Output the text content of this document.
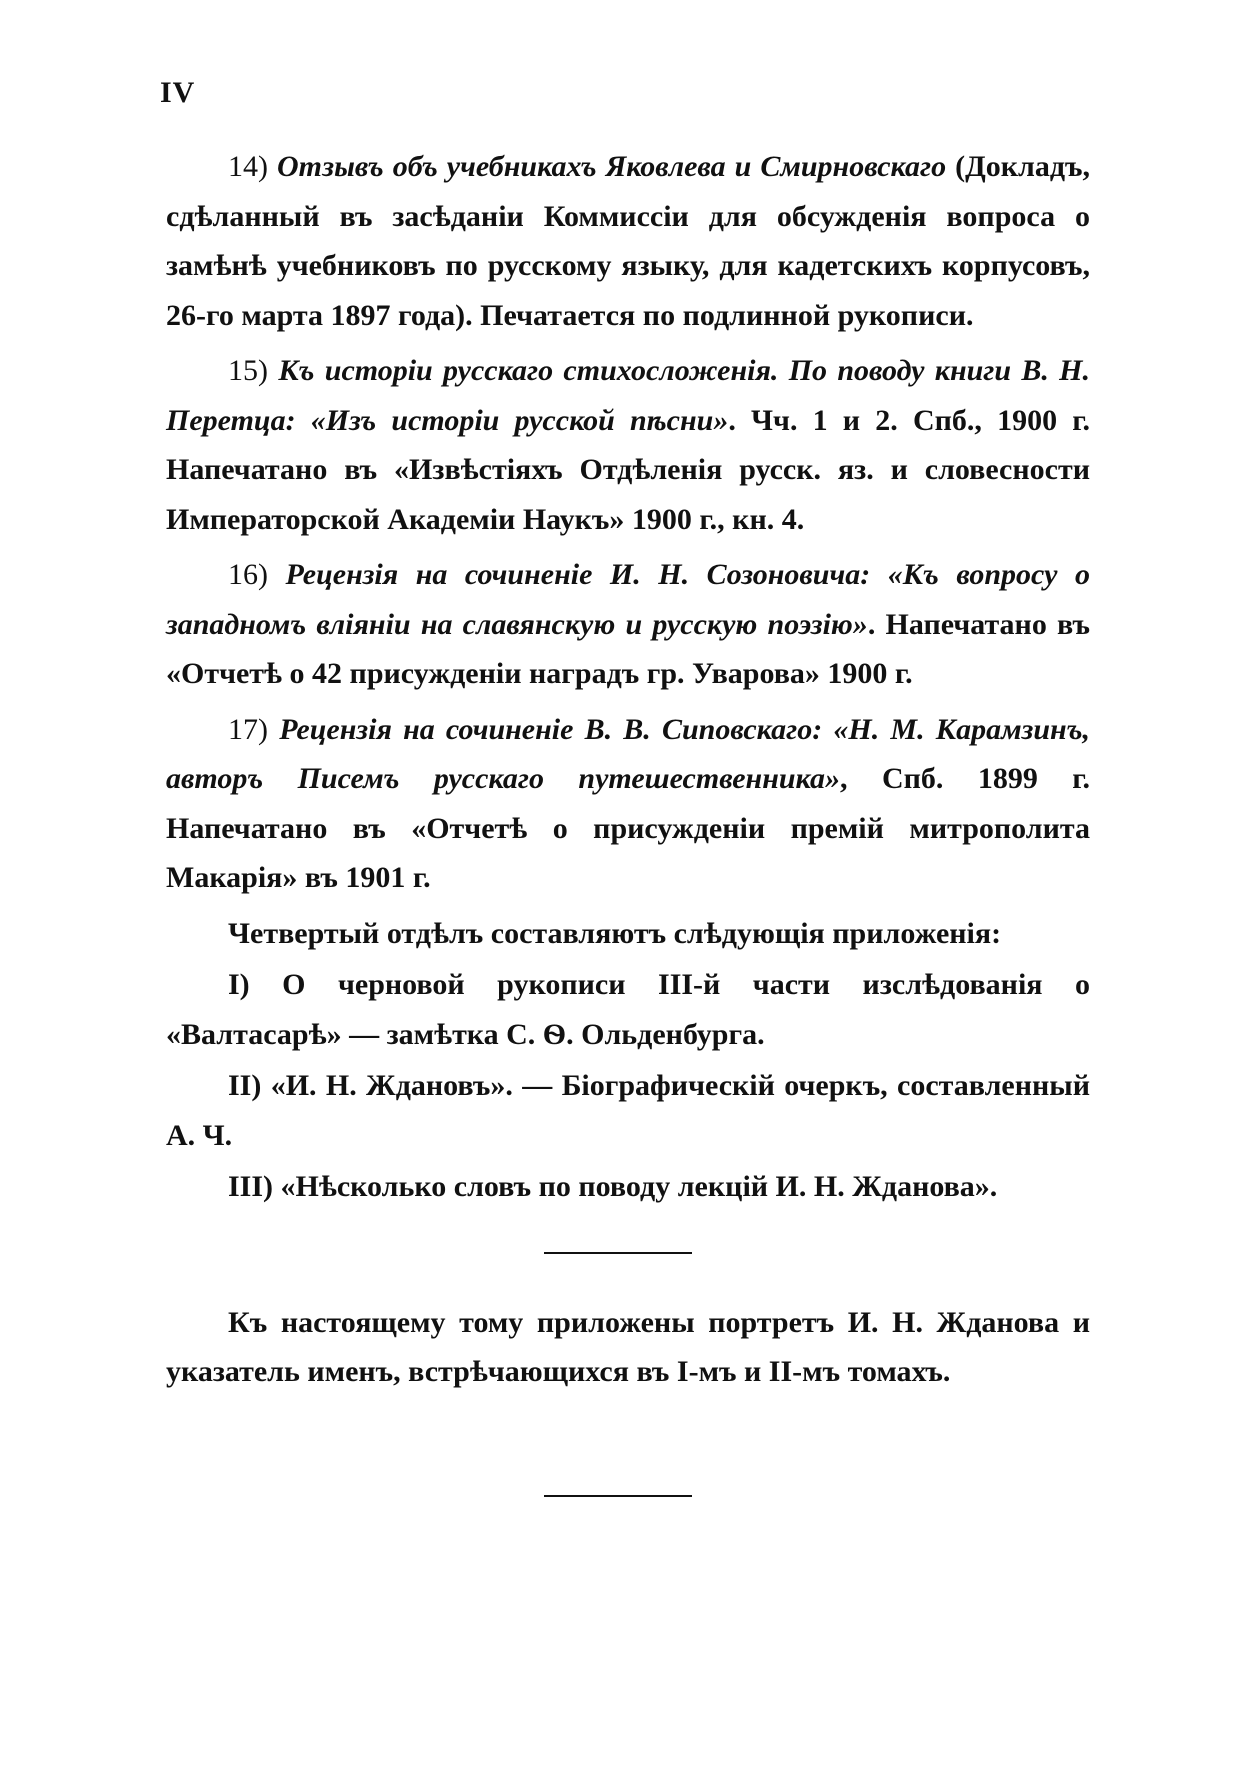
IV

14) Отзывъ объ учебникахъ Яковлева и Смирновскаго (Докладъ, сдѣланный въ засѣданіи Коммиссіи для обсужденія вопроса о замѣнѣ учебниковъ по русскому языку, для кадетскихъ корпусовъ, 26-го марта 1897 года). Печатается по подлинной рукописи.

15) Къ исторіи русскаго стихосложенія. По поводу книги В. Н. Перетца: «Изъ исторіи русской пѣсни». Чч. 1 и 2. Спб., 1900 г. Напечатано въ «Извѣстіяхъ Отдѣленія русск. яз. и словесности Императорской Академіи Наукъ» 1900 г., кн. 4.

16) Рецензія на сочиненіе И. Н. Созоновича: «Къ вопросу о западномъ вліяніи на славянскую и русскую поэзію». Напечатано въ «Отчетѣ о 42 присужденіи наградъ гр. Уварова» 1900 г.

17) Рецензія на сочиненіе В. В. Сиповскаго: «Н. М. Карамзинъ, авторъ Писемъ русскаго путешественника», Спб. 1899 г. Напечатано въ «Отчетѣ о присужденіи премій митрополита Макарія» въ 1901 г.

Четвертый отдѣлъ составляютъ слѣдующія приложенія:

I) О черновой рукописи III-й части изслѣдованія о «Валтасарѣ» — замѣтка С. Ѳ. Ольденбурга.

II) «И. Н. Ждановъ». — Біографическій очеркъ, составленный А. Ч.

III) «Нѣсколько словъ по поводу лекцій И. Н. Жданова».

Къ настоящему тому приложены портретъ И. Н. Жданова и указатель именъ, встрѣчающихся въ I-мъ и II-мъ томахъ.
